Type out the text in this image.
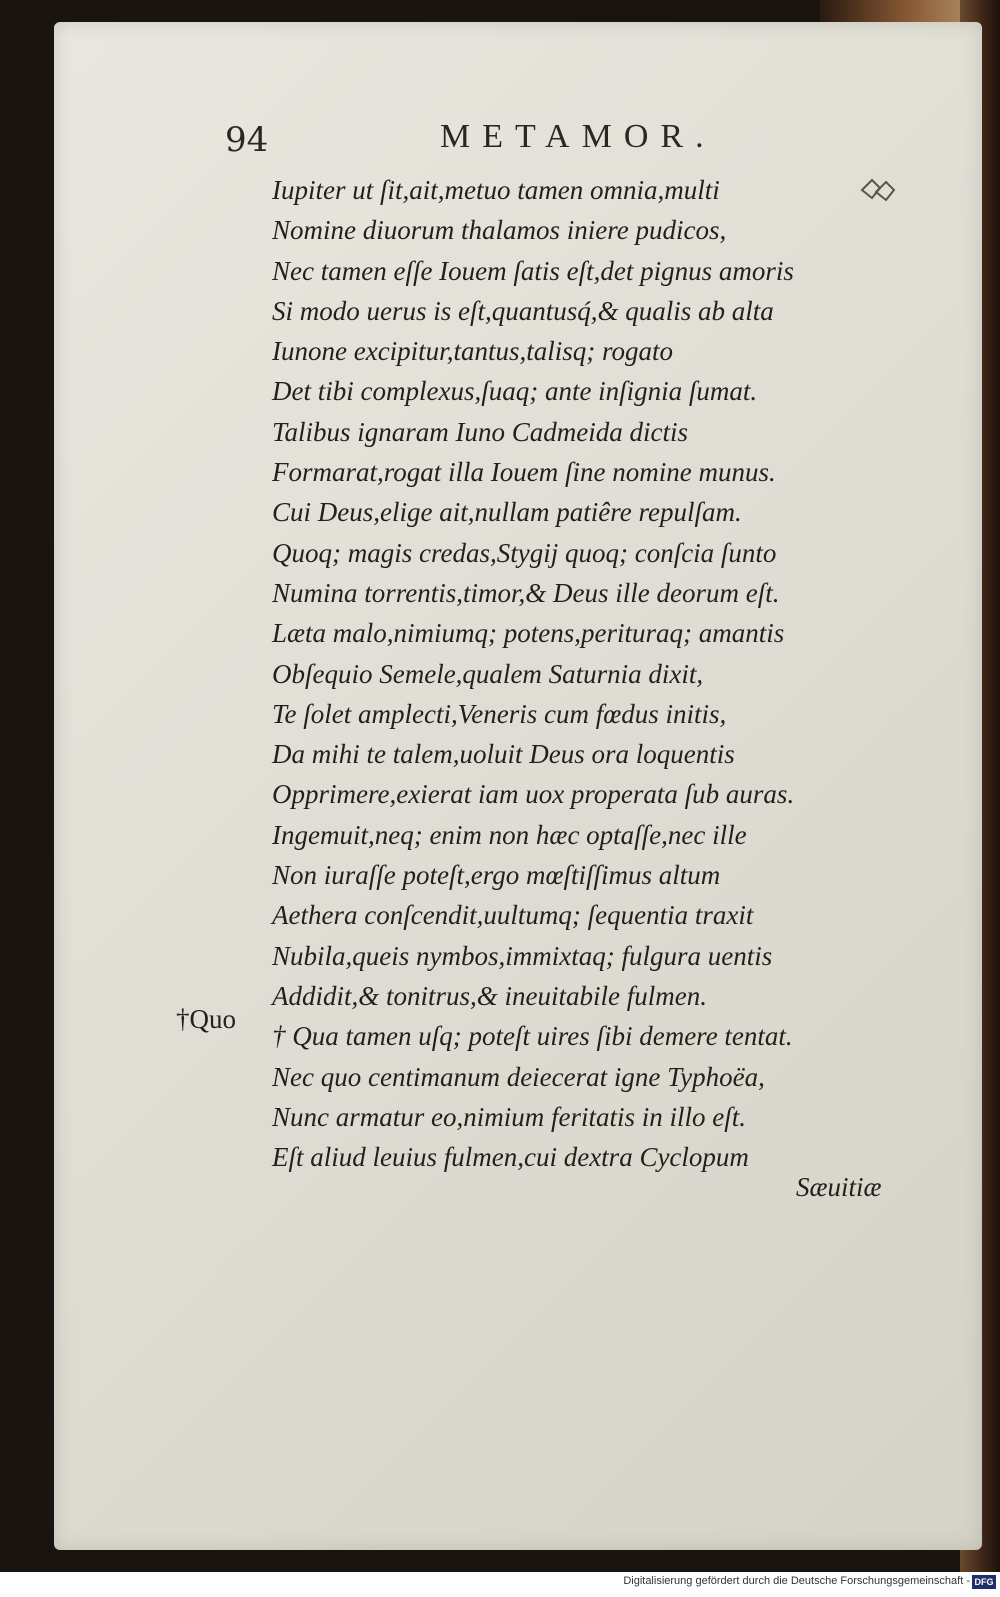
94	METAMOR.
Iupiter ut ſit,ait,metuo tamen omnia,multi
Nomine diuorum thalamos iniere pudicos,
Nec tamen eſſe Iouem ſatis eſt,det pignus amoris
Si modo uerus is eſt,quantusq́,& qualis ab alta
Iunone excipitur,tantus,talisq; rogato
Det tibi complexus,ſuaq; ante inſignia ſumat.
Talibus ignaram Iuno Cadmeida dictis
Formarat,rogat illa Iouem ſine nomine munus.
Cui Deus,elige ait,nullam patiêre repulſam.
Quoq; magis credas,Stygij quoq; conſcia ſunto
Numina torrentis,timor,& Deus ille deorum eſt.
Læta malo,nimiumq; potens,perituraq; amantis
Obſequio Semele,qualem Saturnia dixit,
Te ſolet amplecti,Veneris cum fœdus initis,
Da mihi te talem,uoluit Deus ora loquentis
Opprimere,exierat iam uox properata ſub auras.
Ingemuit,neq; enim non hæc optaſſe,nec ille
Non iuraſſe poteſt,ergo mœſtiſſimus altum
Aethera conſcendit,uultumq; ſequentia traxit
Nubila,queis nymbos,immixtaq; fulgura uentis
Addidit,& tonitrus,& ineuitabile fulmen.
† Qua tamen uſq; poteſt uires ſibi demere tentat.
Nec quo centimanum deiecerat igne Typhoëa,
Nunc armatur eo,nimium feritatis in illo eſt.
Eſt aliud leuius fulmen,cui dextra Cyclopum
†Quo
Sæuitiæ
Digitalisierung gefördert durch die Deutsche Forschungsgemeinschaft - DFG
